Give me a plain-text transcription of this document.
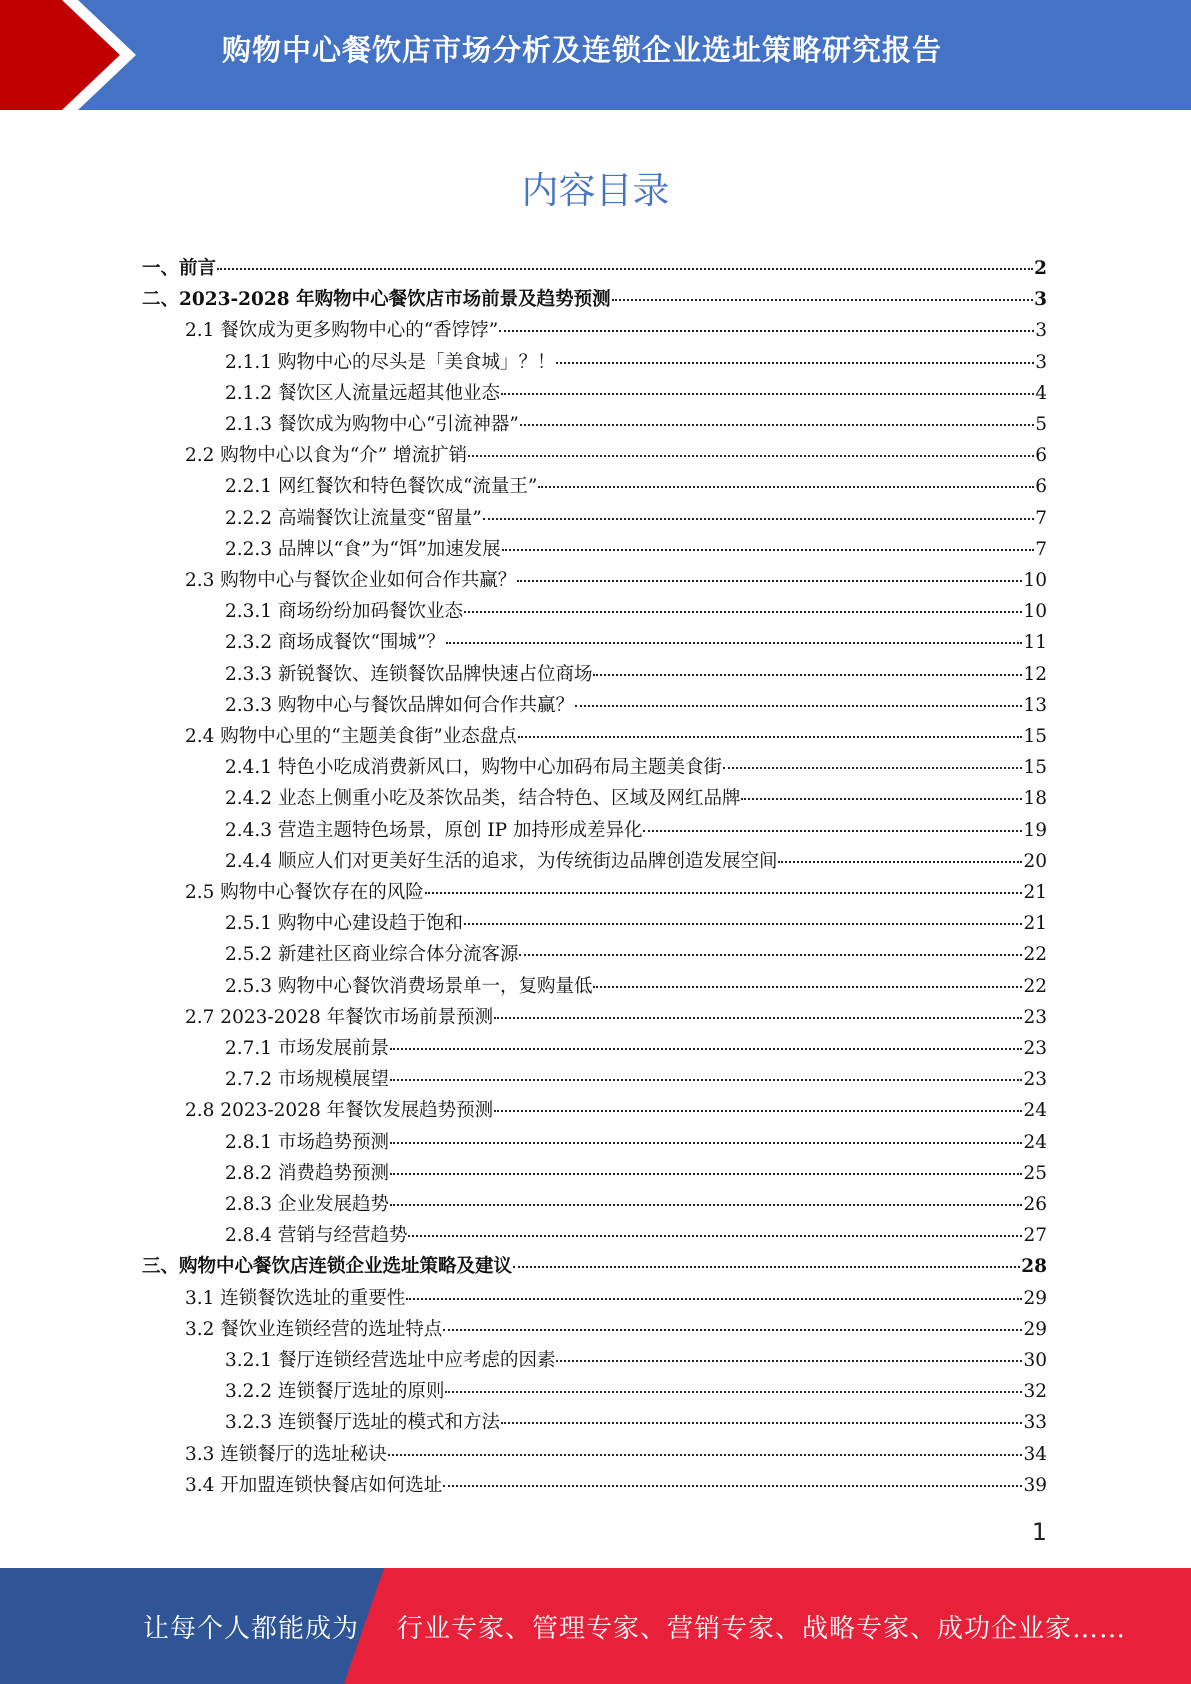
购物中心餐饮店市场分析及连锁企业选址策略研究报告
内容目录
一、前言	2
二、2023-2028 年购物中心餐饮店市场前景及趋势预测	3
2.1 餐饮成为更多购物中心的“香饽饽”	3
2.1.1 购物中心的尽头是「美食城」？！	3
2.1.2 餐饮区人流量远超其他业态	4
2.1.3 餐饮成为购物中心“引流神器”	5
2.2 购物中心以食为“介” 增流扩销	6
2.2.1 网红餐饮和特色餐饮成“流量王”	6
2.2.2 高端餐饮让流量变“留量”	7
2.2.3 品牌以“食”为“饵”加速发展	7
2.3 购物中心与餐饮企业如何合作共赢？	10
2.3.1 商场纷纷加码餐饮业态	10
2.3.2 商场成餐饮“围城”？	11
2.3.3 新锐餐饮、连锁餐饮品牌快速占位商场	12
2.3.3 购物中心与餐饮品牌如何合作共赢？	13
2.4 购物中心里的“主题美食街”业态盘点	15
2.4.1 特色小吃成消费新风口，购物中心加码布局主题美食街	15
2.4.2 业态上侧重小吃及茶饮品类，结合特色、区域及网红品牌	18
2.4.3 营造主题特色场景，原创 IP 加持形成差异化	19
2.4.4 顺应人们对更美好生活的追求，为传统街边品牌创造发展空间	20
2.5 购物中心餐饮存在的风险	21
2.5.1 购物中心建设趋于饱和	21
2.5.2 新建社区商业综合体分流客源	22
2.5.3 购物中心餐饮消费场景单一，复购量低	22
2.7 2023-2028 年餐饮市场前景预测	23
2.7.1 市场发展前景	23
2.7.2 市场规模展望	23
2.8 2023-2028 年餐饮发展趋势预测	24
2.8.1 市场趋势预测	24
2.8.2 消费趋势预测	25
2.8.3 企业发展趋势	26
2.8.4 营销与经营趋势	27
三、购物中心餐饮店连锁企业选址策略及建议	28
3.1 连锁餐饮选址的重要性	29
3.2 餐饮业连锁经营的选址特点	29
3.2.1 餐厅连锁经营选址中应考虑的因素	30
3.2.2 连锁餐厅选址的原则	32
3.2.3 连锁餐厅选址的模式和方法	33
3.3 连锁餐厅的选址秘诀	34
3.4 开加盟连锁快餐店如何选址	39
1
让每个人都能成为 行业专家、管理专家、营销专家、战略专家、成功企业家……
